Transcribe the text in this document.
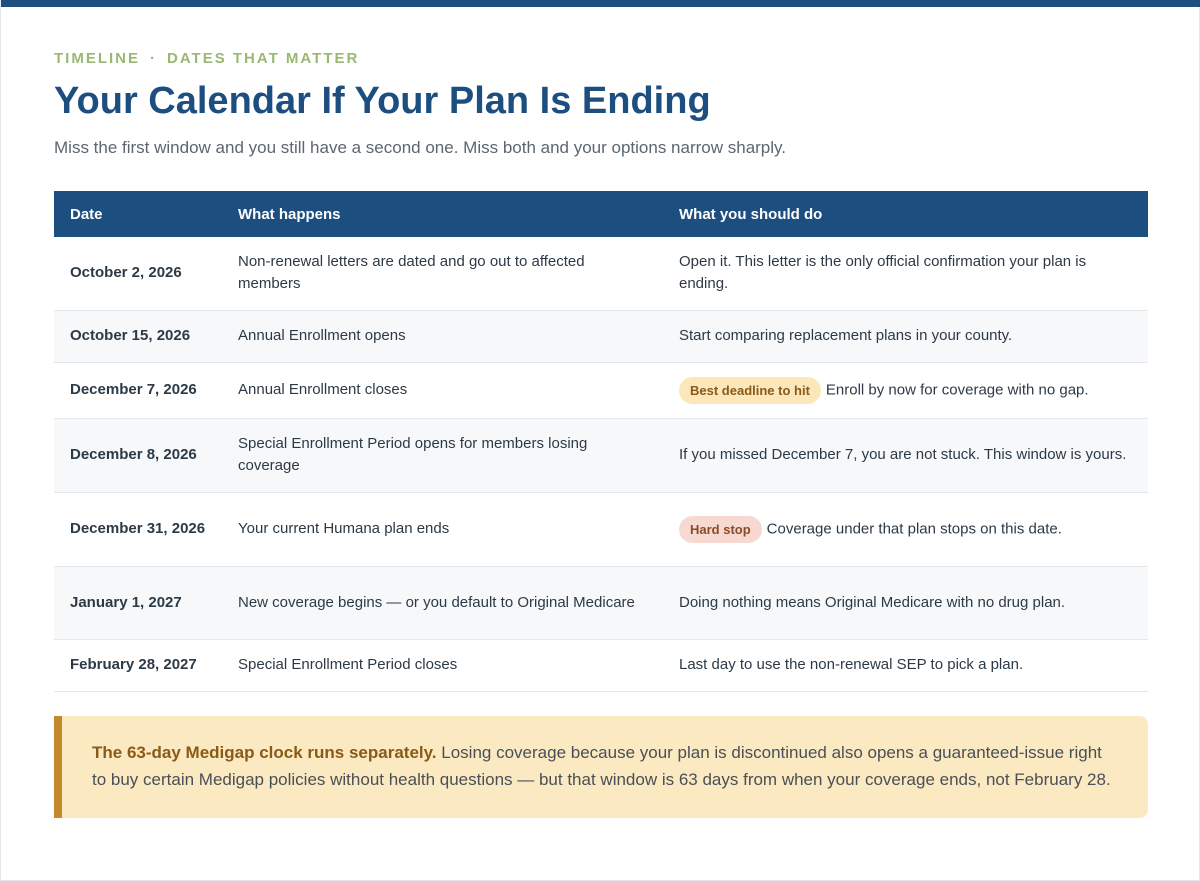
TIMELINE · DATES THAT MATTER
Your Calendar If Your Plan Is Ending

Miss the first window and you still have a second one. Miss both and your options narrow sharply.

Date	What happens	What you should do
October 2, 2026	Non-renewal letters are dated and go out to affected members	Open it. This letter is the only official confirmation your plan is ending.
October 15, 2026	Annual Enrollment opens	Start comparing replacement plans in your county.
December 7, 2026	Annual Enrollment closes	Best deadline to hit Enroll by now for coverage with no gap.
December 8, 2026	Special Enrollment Period opens for members losing coverage	If you missed December 7, you are not stuck. This window is yours.
December 31, 2026	Your current Humana plan ends	Hard stop Coverage under that plan stops on this date.
January 1, 2027	New coverage begins — or you default to Original Medicare	Doing nothing means Original Medicare with no drug plan.
February 28, 2027	Special Enrollment Period closes	Last day to use the non-renewal SEP to pick a plan.
The 63-day Medigap clock runs separately. Losing coverage because your plan is discontinued also opens a guaranteed-issue right to buy certain Medigap policies without health questions — but that window is 63 days from when your coverage ends, not February 28.
